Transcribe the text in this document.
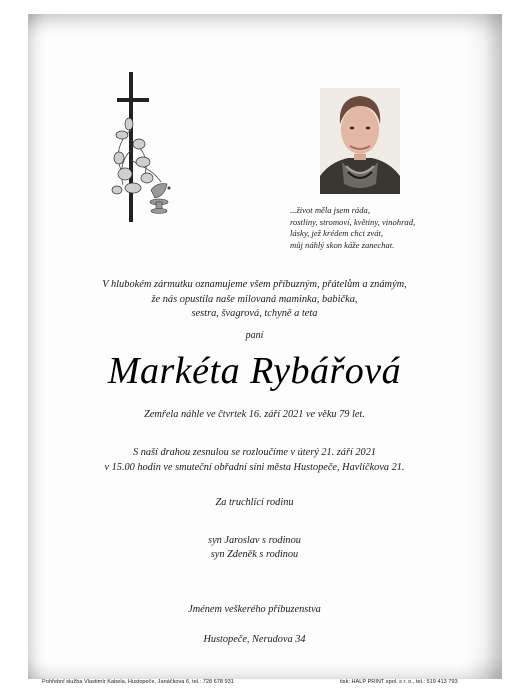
...život měla jsem ráda,
rostliny, stromoví, květiny, vinohrad,
lásky, jež krédem chci zvát,
můj náhlý skon káže zanechat.
V hlubokém zármutku oznamujeme všem příbuzným, přátelům a známým,
že nás opustila naše milovaná maminka, babička,
sestra, švagrová, tchyně a teta
paní
Markéta Rybářová
Zemřela náhle ve čtvrtek 16. září 2021 ve věku 79 let.
S naší drahou zesnulou se rozloučíme v úterý 21. září 2021
v 15.00 hodin ve smuteční obřadní síni města Hustopeče, Havlíčkova 21.
Za truchlící rodinu
syn Jaroslav s rodinou
syn Zdeněk s rodinou
Jménem veškerého příbuzenstva
Hustopeče, Nerudova 34
Pohřební služba Vlastimír Kabela, Hustopeče, Janáčkova 6, tel.: 728 678 931	tisk: HALP PRINT spol. s r. o., tel.: 519 413 793
